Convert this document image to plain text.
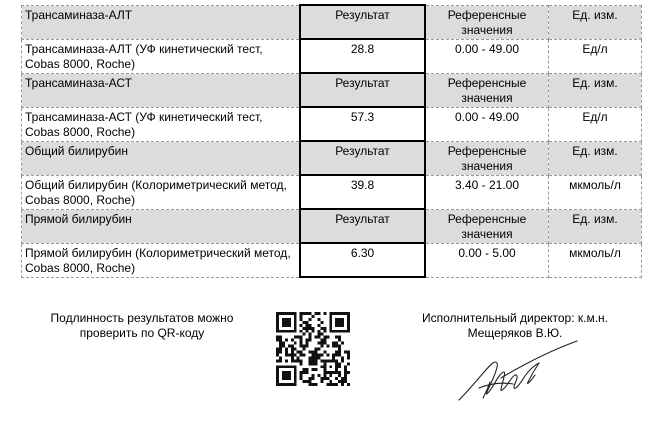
Трансаминаза-АЛТ	Результат	Референсные значения	Ед. изм.
Трансаминаза-АЛТ (УФ кинетический тест, Cobas 8000, Roche)	28.8	0.00 - 49.00	Ед/л
Трансаминаза-АСТ	Результат	Референсные значения	Ед. изм.
Трансаминаза-АСТ (УФ кинетический тест, Cobas 8000, Roche)	57.3	0.00 - 49.00	Ед/л
Общий билирубин	Результат	Референсные значения	Ед. изм.
Общий билирубин (Колориметрический метод, Cobas 8000, Roche)	39.8	3.40 - 21.00	мкмоль/л
Прямой билирубин	Результат	Референсные значения	Ед. изм.
Прямой билирубин (Колориметрический метод, Cobas 8000, Roche)	6.30	0.00 - 5.00	мкмоль/л
Подлинность результатов можно проверить по QR-коду
Исполнительный директор: к.м.н.
Мещеряков В.Ю.
